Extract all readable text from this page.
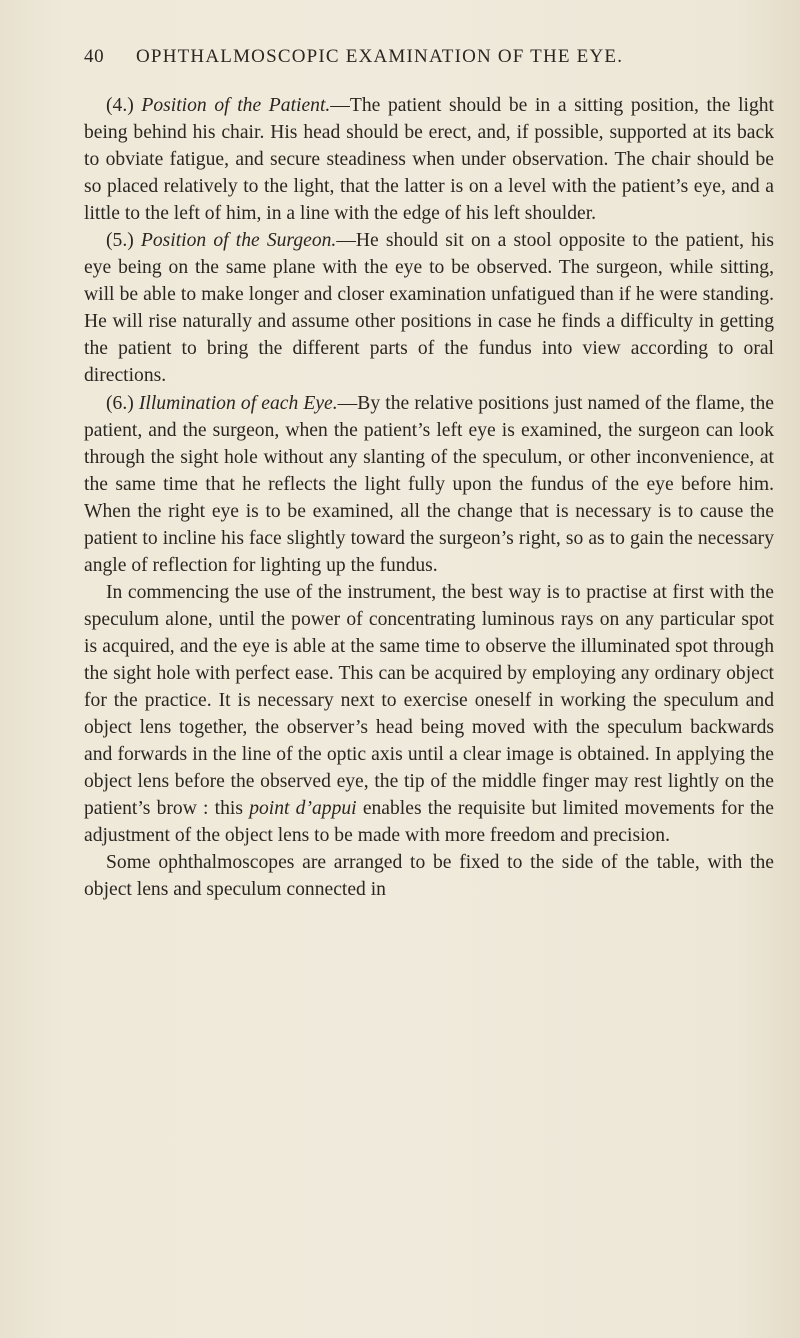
40 OPHTHALMOSCOPIC EXAMINATION OF THE EYE.

(4.) Position of the Patient.—The patient should be in a sitting position, the light being behind his chair. His head should be erect, and, if possible, supported at its back to obviate fatigue, and secure steadiness when under observation. The chair should be so placed relatively to the light, that the latter is on a level with the patient’s eye, and a little to the left of him, in a line with the edge of his left shoulder.

(5.) Position of the Surgeon.—He should sit on a stool opposite to the patient, his eye being on the same plane with the eye to be observed. The surgeon, while sitting, will be able to make longer and closer examination unfatigued than if he were standing. He will rise naturally and assume other positions in case he finds a difficulty in getting the patient to bring the different parts of the fundus into view according to oral directions.

(6.) Illumination of each Eye.—By the relative positions just named of the flame, the patient, and the surgeon, when the patient’s left eye is examined, the surgeon can look through the sight hole without any slanting of the speculum, or other inconvenience, at the same time that he reflects the light fully upon the fundus of the eye before him. When the right eye is to be examined, all the change that is necessary is to cause the patient to incline his face slightly toward the surgeon’s right, so as to gain the necessary angle of reflection for lighting up the fundus.

In commencing the use of the instrument, the best way is to practise at first with the speculum alone, until the power of concentrating luminous rays on any particular spot is acquired, and the eye is able at the same time to observe the illuminated spot through the sight hole with perfect ease. This can be acquired by employing any ordinary object for the practice. It is necessary next to exercise oneself in working the speculum and object lens together, the observer’s head being moved with the speculum backwards and forwards in the line of the optic axis until a clear image is obtained. In applying the object lens before the observed eye, the tip of the middle finger may rest lightly on the patient’s brow : this point d’appui enables the requisite but limited movements for the adjustment of the object lens to be made with more freedom and precision.

Some ophthalmoscopes are arranged to be fixed to the side of the table, with the object lens and speculum connected in
